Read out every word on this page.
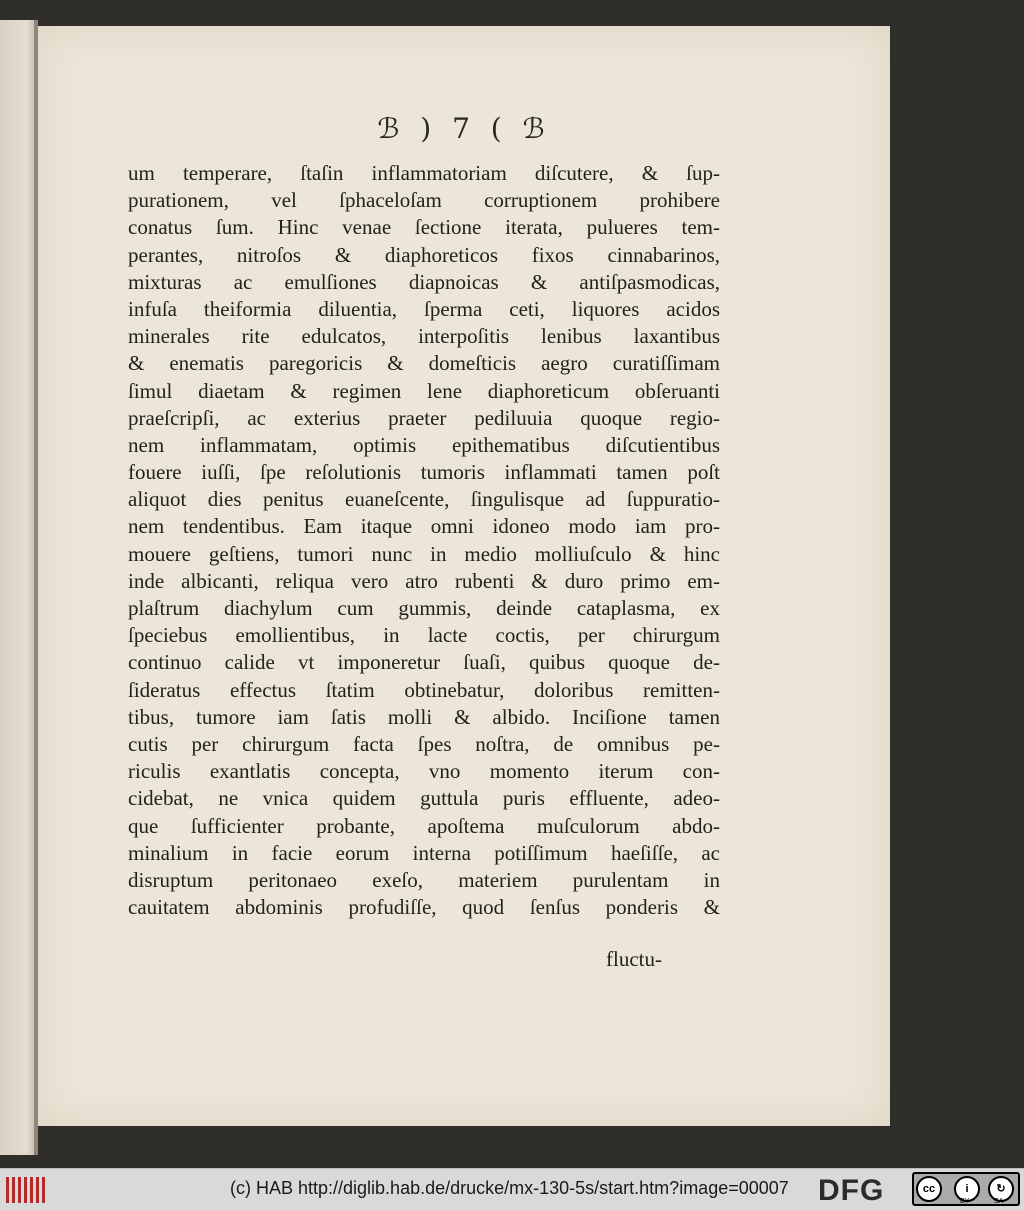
ℬ ) 7 ( ℬ
um temperare, ſtaſin inflammatoriam diſcutere, & ſup-
purationem, vel ſphaceloſam corruptionem prohibere
conatus ſum. Hinc venae ſectione iterata, pulueres tem-
perantes, nitroſos & diaphoreticos fixos cinnabarinos,
mixturas ac emulſiones diapnoicas & antiſpasmodicas,
infuſa theiformia diluentia, ſperma ceti, liquores acidos
minerales rite edulcatos, interpoſitis lenibus laxantibus
& enematis paregoricis & domeſticis aegro curatiſſimam
ſimul diaetam & regimen lene diaphoreticum obſeruanti
praeſcripſi, ac exterius praeter pediluuia quoque regio-
nem inflammatam, optimis epithematibus diſcutientibus
fouere iuſſi, ſpe reſolutionis tumoris inflammati tamen poſt
aliquot dies penitus euaneſcente, ſingulisque ad ſuppuratio-
nem tendentibus. Eam itaque omni idoneo modo iam pro-
mouere geſtiens, tumori nunc in medio molliuſculo & hinc
inde albicanti, reliqua vero atro rubenti & duro primo em-
plaſtrum diachylum cum gummis, deinde cataplasma, ex
ſpeciebus emollientibus, in lacte coctis, per chirurgum
continuo calide vt imponeretur ſuaſi, quibus quoque de-
ſideratus effectus ſtatim obtinebatur, doloribus remitten-
tibus, tumore iam ſatis molli & albido. Inciſione tamen
cutis per chirurgum facta ſpes noſtra, de omnibus pe-
riculis exantlatis concepta, vno momento iterum con-
cidebat, ne vnica quidem guttula puris effluente, adeo-
que ſufficienter probante, apoſtema muſculorum abdo-
minalium in facie eorum interna potiſſimum haeſiſſe, ac
disruptum peritonaeo exeſo, materiem purulentam in
cauitatem abdominis profudiſſe, quod ſenſus ponderis &
fluctu-
(c) HAB http://diglib.hab.de/drucke/mx-130-5s/start.htm?image=00007 DFG	cc	i	↻
BY	SA
